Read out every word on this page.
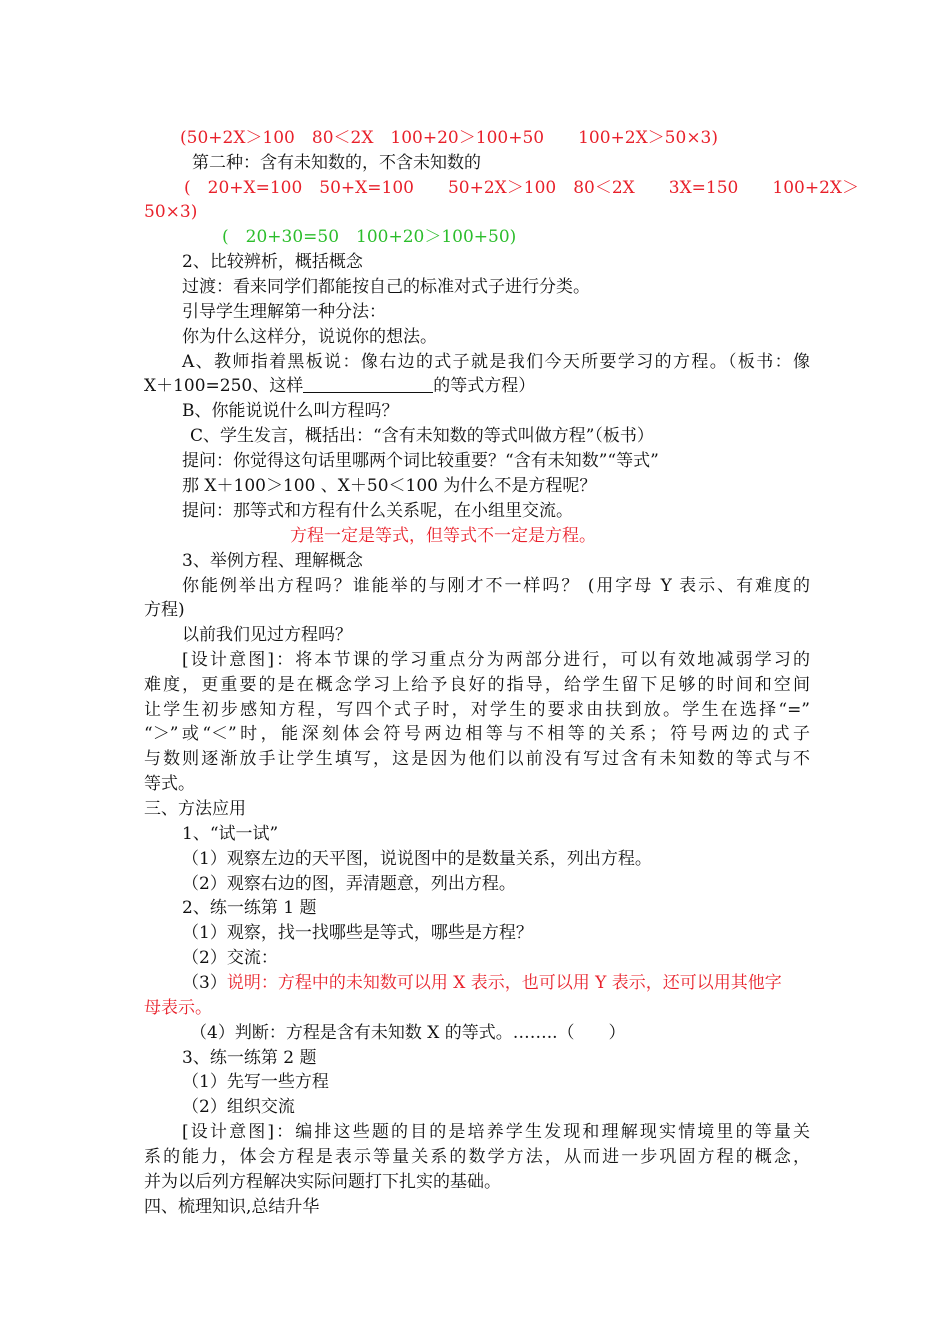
(50+2X＞100　80＜2X　100+20＞100+50　　100+2X＞50×3)
第二种：含有未知数的，不含未知数的
(　20+X=100　50+X=100　　50+2X＞100　80＜2X　　3X=150　　100+2X＞
50×3)
(　20+30=50　100+20＞100+50)
2、比较辨析，概括概念
过渡：看来同学们都能按自己的标准对式子进行分类。
引导学生理解第一种分法：
你为什么这样分，说说你的想法。
A、教师指着黑板说：像右边的式子就是我们今天所要学习的方程。（板书：像
X＋100=250、这样	的等式方程）
B、你能说说什么叫方程吗？
C、学生发言，概括出：“含有未知数的等式叫做方程”（板书）
提问：你觉得这句话里哪两个词比较重要？“含有未知数”“等式”
那 X＋100＞100 、X＋50＜100 为什么不是方程呢？
提问：那等式和方程有什么关系呢，在小组里交流。
方程一定是等式，但等式不一定是方程。
3、举例方程、理解概念
你能例举出方程吗？谁能举的与刚才不一样吗？ (用字母 Y 表示、有难度的
方程)
以前我们见过方程吗？
[设计意图]：将本节课的学习重点分为两部分进行，可以有效地减弱学习的
难度，更重要的是在概念学习上给予良好的指导，给学生留下足够的时间和空间
让学生初步感知方程，写四个式子时，对学生的要求由扶到放。学生在选择“=”
“＞”或“＜”时，能深刻体会符号两边相等与不相等的关系；符号两边的式子
与数则逐渐放手让学生填写，这是因为他们以前没有写过含有未知数的等式与不
等式。
三、方法应用
1、“试一试”
（1）观察左边的天平图，说说图中的是数量关系，列出方程。
（2）观察右边的图，弄清题意，列出方程。
2、练一练第 1 题
（1）观察，找一找哪些是等式，哪些是方程？
（2）交流：
（3）说明：方程中的未知数可以用 X 表示，也可以用 Y 表示，还可以用其他字
母表示。
（4）判断：方程是含有未知数 X 的等式。……..（　　）
3、练一练第 2 题
（1）先写一些方程
（2）组织交流
[设计意图]：编排这些题的目的是培养学生发现和理解现实情境里的等量关
系的能力，体会方程是表示等量关系的数学方法，从而进一步巩固方程的概念，
并为以后列方程解决实际问题打下扎实的基础。
四、梳理知识,总结升华
